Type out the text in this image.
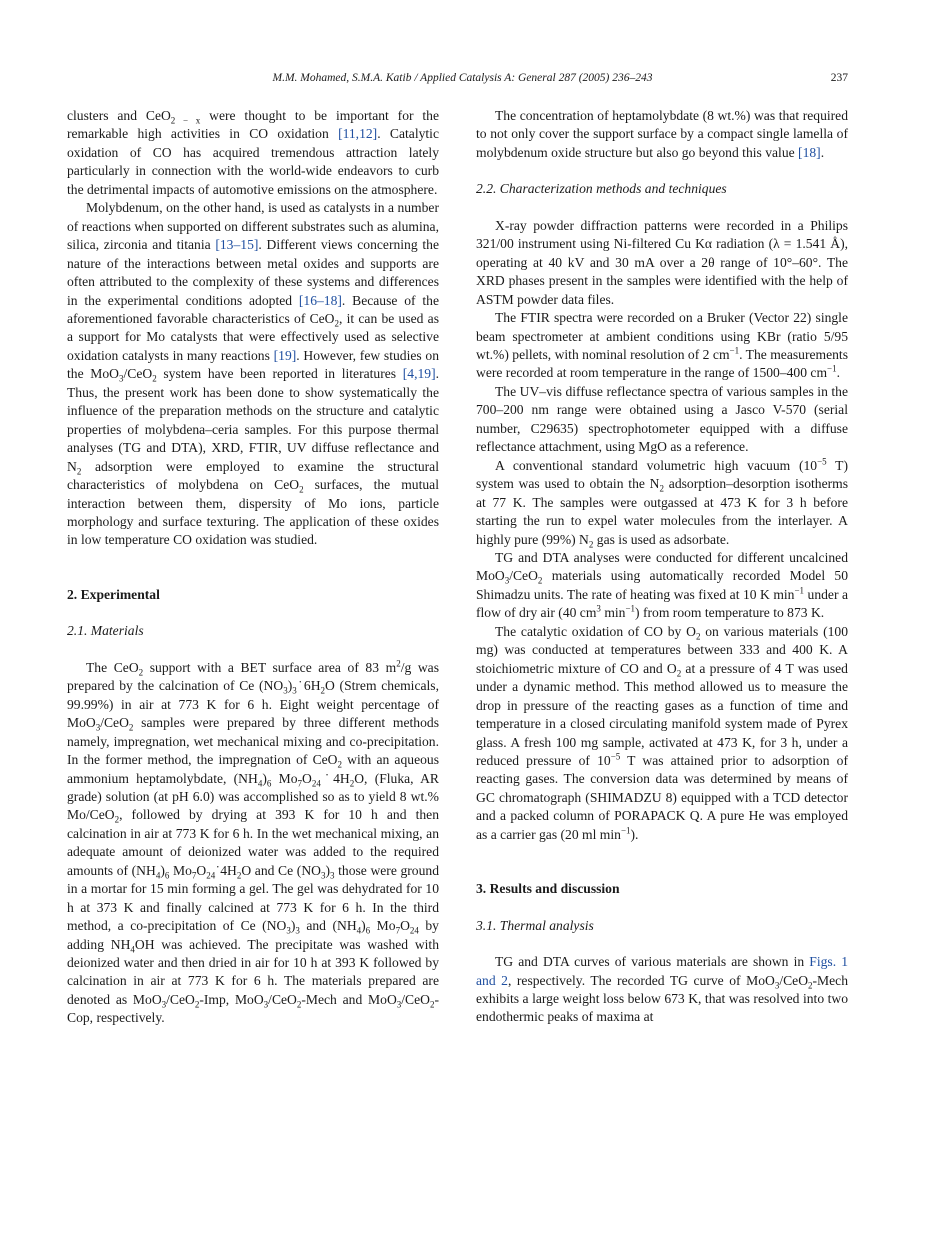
M.M. Mohamed, S.M.A. Katib / Applied Catalysis A: General 287 (2005) 236–243	237

clusters and CeO$_{2 - x}$ were thought to be important for the remarkable high activities in CO oxidation [11,12]. Catalytic oxidation of CO has acquired tremendous attraction lately particularly in connection with the world-wide endeavors to curb the detrimental impacts of automotive emissions on the atmosphere.

Molybdenum, on the other hand, is used as catalysts in a number of reactions when supported on different substrates such as alumina, silica, zirconia and titania [13–15]. Different views concerning the nature of the interactions between metal oxides and supports are often attributed to the complexity of these systems and differences in the experimental conditions adopted [16–18]. Because of the aforementioned favorable characteristics of CeO$_2$, it can be used as a support for Mo catalysts that were effectively used as selective oxidation catalysts in many reactions [19]. However, few studies on the MoO$_3$/CeO$_2$ system have been reported in literatures [4,19]. Thus, the present work has been done to show systematically the influence of the preparation methods on the structure and catalytic properties of molybdena–ceria samples. For this purpose thermal analyses (TG and DTA), XRD, FTIR, UV diffuse reflectance and $N_2$ adsorption were employed to examine the structural characteristics of molybdena on CeO$_2$ surfaces, the mutual interaction between them, dispersity of Mo ions, particle morphology and surface texturing. The application of these oxides in low temperature CO oxidation was studied.

2. Experimental
2.1. Materials

The CeO$_2$ support with a BET surface area of 83 $m^2/g$ was prepared by the calcination of Ce $(NO_3)_3˙6H_2O$ (Strem chemicals, 99.99%) in air at 773 K for 6 h. Eight weight percentage of MoO$_3$/CeO$_2$ samples were prepared by three different methods namely, impregnation, wet mechanical mixing and co-precipitation. In the former method, the impregnation of CeO$_2$ with an aqueous ammonium heptamolybdate, $(NH_4)_6$ $Mo_7O_{24}˙4H_2O$, (Fluka, AR grade) solution (at pH 6.0) was accomplished so as to yield 8 wt.% Mo/CeO$_2$, followed by drying at 393 K for 10 h and then calcination in air at 773 K for 6 h. In the wet mechanical mixing, an adequate amount of deionized water was added to the required amounts of $(NH_4)_6$ $Mo_7O_{24}˙4H_2O$ and Ce $(NO_3)_3$ those were ground in a mortar for 15 min forming a gel. The gel was dehydrated for 10 h at 373 K and finally calcined at 773 K for 6 h. In the third method, a co-precipitation of Ce $(NO_3)_3$ and $(NH_4)_6$ $Mo_7O_{24}$ by adding $NH_4OH$ was achieved. The precipitate was washed with deionized water and then dried in air for 10 h at 393 K followed by calcination in air at 773 K for 6 h. The materials prepared are denoted as MoO$_3$/CeO$_2$-Imp, MoO$_3$/CeO$_2$-Mech and MoO$_3$/CeO$_2$-Cop, respectively.

The concentration of heptamolybdate (8 wt.%) was that required to not only cover the support surface by a compact single lamella of molybdenum oxide structure but also go beyond this value [18].

2.2. Characterization methods and techniques

X-ray powder diffraction patterns were recorded in a Philips 321/00 instrument using Ni-filtered Cu Kα radiation (λ = 1.541 Å), operating at 40 kV and 30 mA over a 2θ range of 10°–60°. The XRD phases present in the samples were identified with the help of ASTM powder data files.

The FTIR spectra were recorded on a Bruker (Vector 22) single beam spectrometer at ambient conditions using KBr (ratio 5/95 wt.%) pellets, with nominal resolution of 2 $cm^{-1}$. The measurements were recorded at room temperature in the range of 1500–400 $cm^{-1}$.

The UV–vis diffuse reflectance spectra of various samples in the 700–200 nm range were obtained using a Jasco V-570 (serial number, C29635) spectrophotometer equipped with a diffuse reflectance attachment, using MgO as a reference.

A conventional standard volumetric high vacuum ($10^{-5}$ T) system was used to obtain the $N_2$ adsorption–desorption isotherms at 77 K. The samples were outgassed at 473 K for 3 h before starting the run to expel water molecules from the interlayer. A highly pure (99%) $N_2$ gas is used as adsorbate.

TG and DTA analyses were conducted for different uncalcined MoO$_3$/CeO$_2$ materials using automatically recorded Model 50 Shimadzu units. The rate of heating was fixed at 10 K $\min^{-1}$ under a flow of dry air (40 $cm^3$ $\min^{-1}$) from room temperature to 873 K.

The catalytic oxidation of CO by $O_2$ on various materials (100 mg) was conducted at temperatures between 333 and 400 K. A stoichiometric mixture of CO and $O_2$ at a pressure of 4 T was used under a dynamic method. This method allowed us to measure the drop in pressure of the reacting gases as a function of time and temperature in a closed circulating manifold system made of Pyrex glass. A fresh 100 mg sample, activated at 473 K, for 3 h, under a reduced pressure of $10^{-5}$ T was attained prior to adsorption of reacting gases. The conversion data was determined by means of GC chromatograph (SHIMADZU 8) equipped with a TCD detector and a packed column of PORAPACK Q. A pure He was employed as a carrier gas (20 ml $\min^{-1}$).

3. Results and discussion
3.1. Thermal analysis

TG and DTA curves of various materials are shown in Figs. 1 and 2, respectively. The recorded TG curve of MoO$_3$/CeO$_2$-Mech exhibits a large weight loss below 673 K, that was resolved into two endothermic peaks of maxima at
